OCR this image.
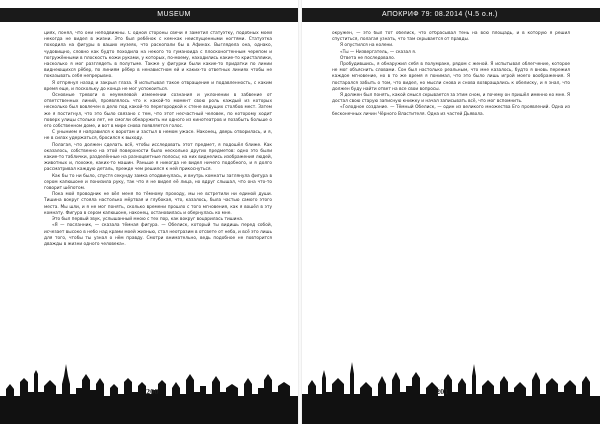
MUSEUM

циях, понял, что они неподвижны. С одной стороны свечи я заметил статуэтку, подобных моей некогда не видел в жизни. Это был ребёнок с кем-как неиспущенными ногтями. Статуэтка походила на фигуры в ваших музеях, что раскопали бы в Афинах. Выглядела она, однако, чудовищно, словно как будто походила на некого то гуманоида с плосконогтенным черепом и погружёнными в плоскость кожи руками, у которых, по-моему, находились какие-то кристаллики, насколько я мог разглядеть в полутьме. Также у фигурки были какие-то придатки по линии виднеющихся рёбер, по линиям рёбер в ненавистном ей и каких-то ответных линиях чтобы не показывать себя непрерывно.

Я отпрянул назад и закрыл глаза. Я испытывал такое отвращение и подавленность, с каким время еще, и поскольку до конца не мог успокоиться.

Основные тревоги в неуемлевой изменении сознания и уклонении в забвение от ответственных линий, проявлялось что к какой-то момент свою роль каждый из которых несколько был вовлечен в дело под какой-то перегородкой к стене ведущих столбов мест. Затем же я постигнул, что это было связано с тем, что этот несчастный человек, по которому ходит поверх улицы столько лет, не смогли обнаружить ни одного из кинотеатров и позабыть больше о его собственном доме, и вот в мире снова появляется голос.

С унынием я направился к воротам и застыл в немом ужасе. Наконец, дверь отворилась, и я, не в силах удержаться, бросился к выходу.

Полагая, что должен сделать всё, чтобы исследовать этот предмет, я подошёл ближе. Как оказалось, собственно на этой поверхности было несколько других предметов: одно это были какие-то таблички, разделённые на разноцветные полосы; на них виднелись изображения людей, животных и, похоже, каких-то машин. Раньше я никогда не видел ничего подобного, и я долго рассматривал каждую деталь, прежде чем решился к ней прикоснуться.

Как бы то ни было, спустя секунду замка отодвинулась, и внутрь комнаты заглянула фигура в сером капюшоне и понизила руку, так что я не видел её лица, но вдруг слышал, что она что-то говорит шёпотом.

Пока мой проводник не вёл меня по тёмному проходу, мы не встретили ни единой души. Тишина вокруг стояла настолько мёртвая и глубокая, что, казалось, была частью самого этого места. Мы шли, и я не мог понять, сколько времени прошло с того мгновения, как я вошёл в эту комнату. Фигура в сером капюшоне, наконец, остановилась и обернулась ко мне.

Это был первый звук, услышанный мною с тех пор, как вокруг воцарилась тишина.

«Я — посланник, — сказала тёмная фигура. — Обелиск, который ты видишь перед собой, исчезает высоко в небо над крами моей жизнью, стал неотразим в отсвете от неба, и всё это лишь для того, чтобы ты узнал о нём правду. Смотри внимательно, ведь подобное не повторится дважды в жизни одного человека».

200
АПОКРИФ 79: 08.2014 (Ч.5 о.н.)

окружен, — это был тот обелиск, что отбрасывал тень на всю площадь, и в которую я решил спуститься, полагая узнать, что там скрывается от правды.

Я опустился на колени.

«Ты — Низвергатель, — сказал я.

Ответа не последовало.

Пробудившись, я обнаружил себя в полумраке, рядом с женой. Я испытывал облегчение, которое не мог объяснить словами. Сон был настолько реальным, что мне казалось, будто я вновь пережил каждое мгновение, но в то же время я понимал, что это было лишь игрой моего воображения. Я постарался забыть о том, что видел, но мысли снова и снова возвращались к обелиску, и я знал, что должен буду найти ответ на все свои вопросы.

Я должен был понять, какой смысл скрывается за этим сном, и почему он пришёл именно ко мне. Я достал свою старую записную книжку и начал записывать всё, что мог вспомнить.

«Голодное создание. — Тёмный Обелиск, — один из великого множества Его проявлений. Одна из бесконечных личин Чёрного Властителя. Одна из частей Дьявола.

201
